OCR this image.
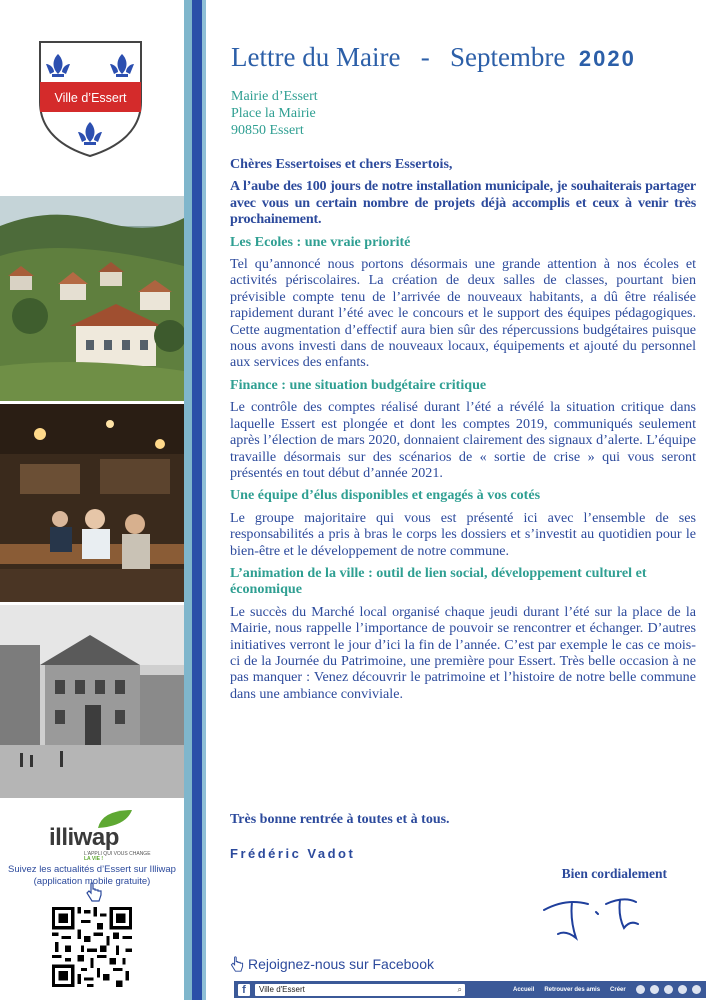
Ville d’Essert
illiwap
L'APPLI QUI VOUS CHANGE
LA VIE !
Suivez les actualités d’Essert sur Illiwap (application mobile gratuite)
Lettre du Maire - Septembre 2020
Mairie d’Essert
Place la Mairie
90850 Essert
Chères Essertoises et chers Essertois,
A l’aube des 100 jours de notre installation municipale, je souhaiterais partager avec vous un certain nombre de projets déjà accomplis et ceux à venir très prochainement.
Les Ecoles : une vraie priorité
Tel qu’annoncé nous portons désormais une grande attention à nos écoles et activités périscolaires. La création de deux salles de classes, pourtant bien prévisible compte tenu de l’arrivée de nouveaux habitants, a dû être réalisée rapidement durant l’été avec le concours et le support des équipes pédagogiques. Cette augmentation d’effectif aura bien sûr des répercussions budgétaires puisque nous avons investi dans de nouveaux locaux, équipements et ajouté du personnel aux services des enfants.
Finance : une situation budgétaire critique
Le contrôle des comptes réalisé durant l’été a révélé la situation critique dans laquelle Essert est plongée et dont les comptes 2019, communiqués seulement après l’élection de mars 2020, donnaient clairement des signaux d’alerte. L’équipe travaille désormais sur des scénarios de « sortie de crise » qui vous seront présentés en tout début d’année 2021.
Une équipe d’élus disponibles et engagés à vos cotés
Le groupe majoritaire qui vous est présenté ici avec l’ensemble de ses responsabilités a pris à bras le corps les dossiers et s’investit au quotidien pour le bien-être et le développement de notre commune.
L’animation de la ville : outil de lien social, développement culturel et économique
Le succès du Marché local organisé chaque jeudi durant l’été sur la place de la Mairie, nous rappelle l’importance de pouvoir se rencontrer et échanger. D’autres initiatives verront le jour d’ici la fin de l’année. C’est par exemple le cas ce mois-ci de la Journée du Patrimoine, une première pour Essert. Très belle occasion à ne pas manquer : Venez découvrir le patrimoine et l’histoire de notre belle commune dans une ambiance conviviale.
Très bonne rentrée à toutes et à tous.
Frédéric Vadot
Bien cordialement
Rejoignez-nous sur Facebook
f	Ville d'Essert	⌕	Accueil Retrouver des amis Créer
